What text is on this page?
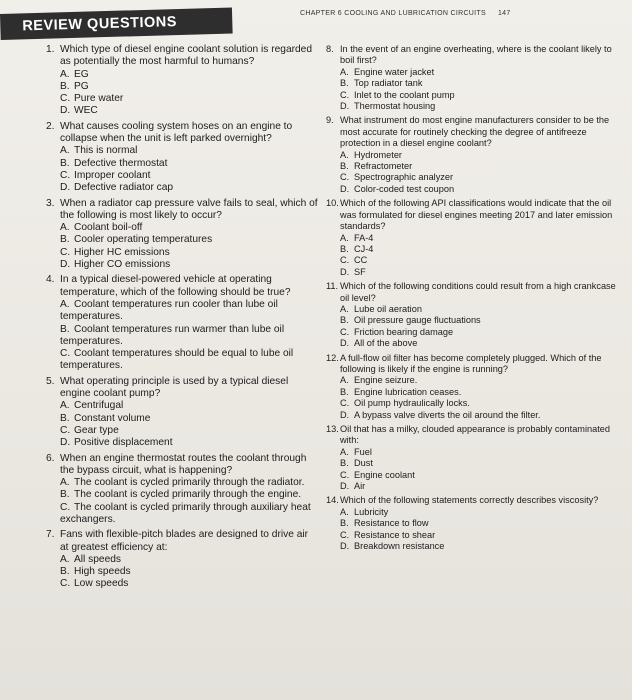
CHAPTER 6 COOLING AND LUBRICATION CIRCUITS 147
REVIEW QUESTIONS
1. Which type of diesel engine coolant solution is regarded as potentially the most harmful to humans?
A. EG
B. PG
C. Pure water
D. WEC
2. What causes cooling system hoses on an engine to collapse when the unit is left parked overnight?
A. This is normal
B. Defective thermostat
C. Improper coolant
D. Defective radiator cap
3. When a radiator cap pressure valve fails to seal, which of the following is most likely to occur?
A. Coolant boil-off
B. Cooler operating temperatures
C. Higher HC emissions
D. Higher CO emissions
4. In a typical diesel-powered vehicle at operating temperature, which of the following should be true?
A. Coolant temperatures run cooler than lube oil temperatures.
B. Coolant temperatures run warmer than lube oil temperatures.
C. Coolant temperatures should be equal to lube oil temperatures.
5. What operating principle is used by a typical diesel engine coolant pump?
A. Centrifugal
B. Constant volume
C. Gear type
D. Positive displacement
6. When an engine thermostat routes the coolant through the bypass circuit, what is happening?
A. The coolant is cycled primarily through the radiator.
B. The coolant is cycled primarily through the engine.
C. The coolant is cycled primarily through auxiliary heat exchangers.
7. Fans with flexible-pitch blades are designed to drive air at greatest efficiency at:
A. All speeds
B. High speeds
C. Low speeds
8. In the event of an engine overheating, where is the coolant likely to boil first?
A. Engine water jacket
B. Top radiator tank
C. Inlet to the coolant pump
D. Thermostat housing
9. What instrument do most engine manufacturers consider to be the most accurate for routinely checking the degree of antifreeze protection in a diesel engine coolant?
A. Hydrometer
B. Refractometer
C. Spectrographic analyzer
D. Color-coded test coupon
10. Which of the following API classifications would indicate that the oil was formulated for diesel engines meeting 2017 and later emission standards?
A. FA-4
B. CJ-4
C. CC
D. SF
11. Which of the following conditions could result from a high crankcase oil level?
A. Lube oil aeration
B. Oil pressure gauge fluctuations
C. Friction bearing damage
D. All of the above
12. A full-flow oil filter has become completely plugged. Which of the following is likely if the engine is running?
A. Engine seizure.
B. Engine lubrication ceases.
C. Oil pump hydraulically locks.
D. A bypass valve diverts the oil around the filter.
13. Oil that has a milky, clouded appearance is probably contaminated with:
A. Fuel
B. Dust
C. Engine coolant
D. Air
14. Which of the following statements correctly describes viscosity?
A. Lubricity
B. Resistance to flow
C. Resistance to shear
D. Breakdown resistance
